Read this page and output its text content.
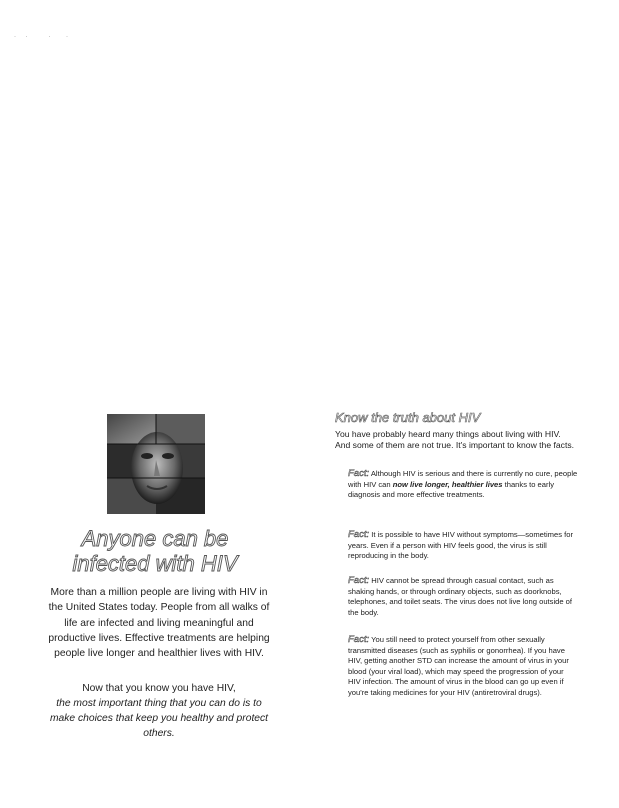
· ·   ·  ·
Anyone can be
infected with HIV

More than a million people are living with HIV in the United States today. People from all walks of life are infected and living meaningful and productive lives. Effective treatments are helping people live longer and healthier lives with HIV.

Now that you know you have HIV,

the most important thing that you can do is to make choices that keep you healthy and protect others.

Know the truth about HIV
You have probably heard many things about living with HIV. And some of them are not true. It's important to know the facts.
Fact: Although HIV is serious and there is currently no cure, people with HIV can now live longer, healthier lives thanks to early diagnosis and more effective treatments.
Fact: It is possible to have HIV without symptoms—sometimes for years. Even if a person with HIV feels good, the virus is still reproducing in the body.
Fact: HIV cannot be spread through casual contact, such as shaking hands, or through ordinary objects, such as doorknobs, telephones, and toilet seats. The virus does not live long outside of the body.
Fact: You still need to protect yourself from other sexually transmitted diseases (such as syphilis or gonorrhea). If you have HIV, getting another STD can increase the amount of virus in your blood (your viral load), which may speed the progression of your HIV infection. The amount of virus in the blood can go up even if you're taking medicines for your HIV (antiretroviral drugs).
